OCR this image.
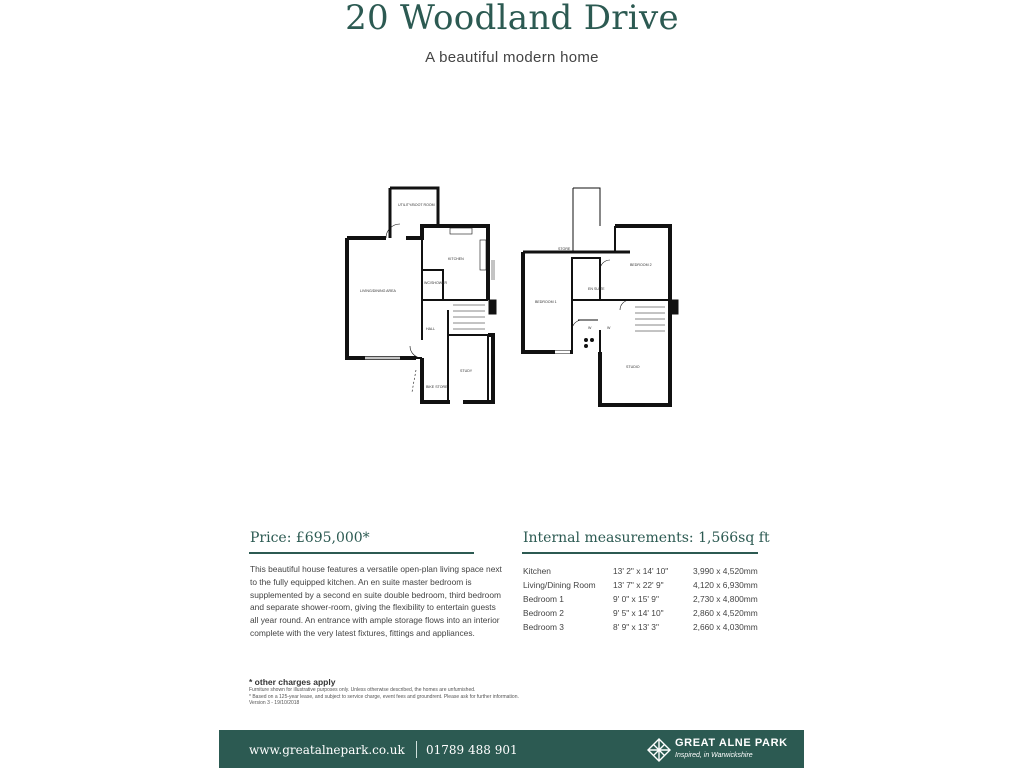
20 Woodland Drive
A beautiful modern home
UTILITY/BOOT ROOM
KITCHEN
LIVING/DINING AREA
WC/SHOWER
HALL
STUDY
BIKE STORE
STORE
BEDROOM 2
EN SUITE
BEDROOM 1
W	W
STUDIO
Price: £695,000*
This beautiful house features a versatile open-plan living space next to the fully equipped kitchen. An en suite master bedroom is supplemented by a second en suite double bedroom, third bedroom and separate shower-room, giving the flexibility to entertain guests all year round. An entrance with ample storage flows into an interior complete with the very latest fixtures, fittings and appliances.
Internal measurements: 1,566sq ft
Kitchen	13' 2" x 14' 10"	3,990 x 4,520mm
Living/Dining Room	13' 7" x 22' 9"	4,120 x 6,930mm
Bedroom 1	9' 0" x 15' 9"	2,730 x 4,800mm
Bedroom 2	9' 5" x 14' 10"	2,860 x 4,520mm
Bedroom 3	8' 9" x 13' 3"	2,660 x 4,030mm
* other charges apply
Furniture shown for illustrative purposes only. Unless otherwise described, the homes are unfurnished.
* Based on a 125-year lease, and subject to service charge, event fees and groundrent. Please ask for further information.
Version 3 - 19/10/2018
www.greatalnepark.co.uk 01789 488 901	GREAT ALNE PARK
Inspired, in Warwickshire
